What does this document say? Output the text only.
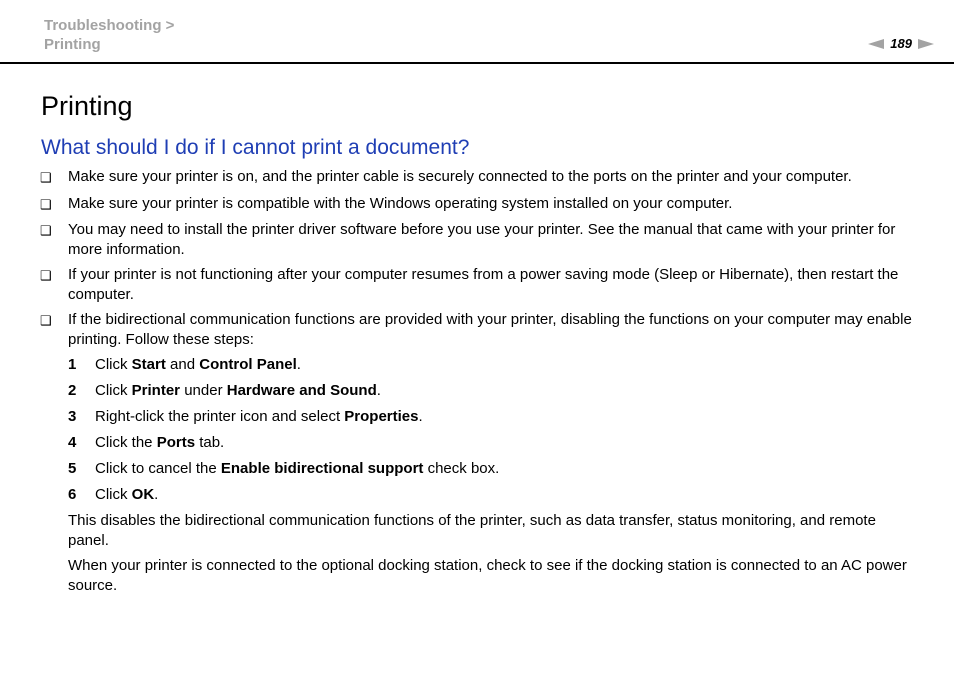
Troubleshooting >
Printing	189
Printing
What should I do if I cannot print a document?
❑	Make sure your printer is on, and the printer cable is securely connected to the ports on the printer and your computer.
❑	Make sure your printer is compatible with the Windows operating system installed on your computer.
❑	You may need to install the printer driver software before you use your printer. See the manual that came with your printer for more information.
❑	If your printer is not functioning after your computer resumes from a power saving mode (Sleep or Hibernate), then restart the computer.
❑	If the bidirectional communication functions are provided with your printer, disabling the functions on your computer may enable printing. Follow these steps:
1	Click Start and Control Panel.
2	Click Printer under Hardware and Sound.
3	Right-click the printer icon and select Properties.
4	Click the Ports tab.
5	Click to cancel the Enable bidirectional support check box.
6	Click OK.
This disables the bidirectional communication functions of the printer, such as data transfer, status monitoring, and remote panel.
When your printer is connected to the optional docking station, check to see if the docking station is connected to an AC power source.
